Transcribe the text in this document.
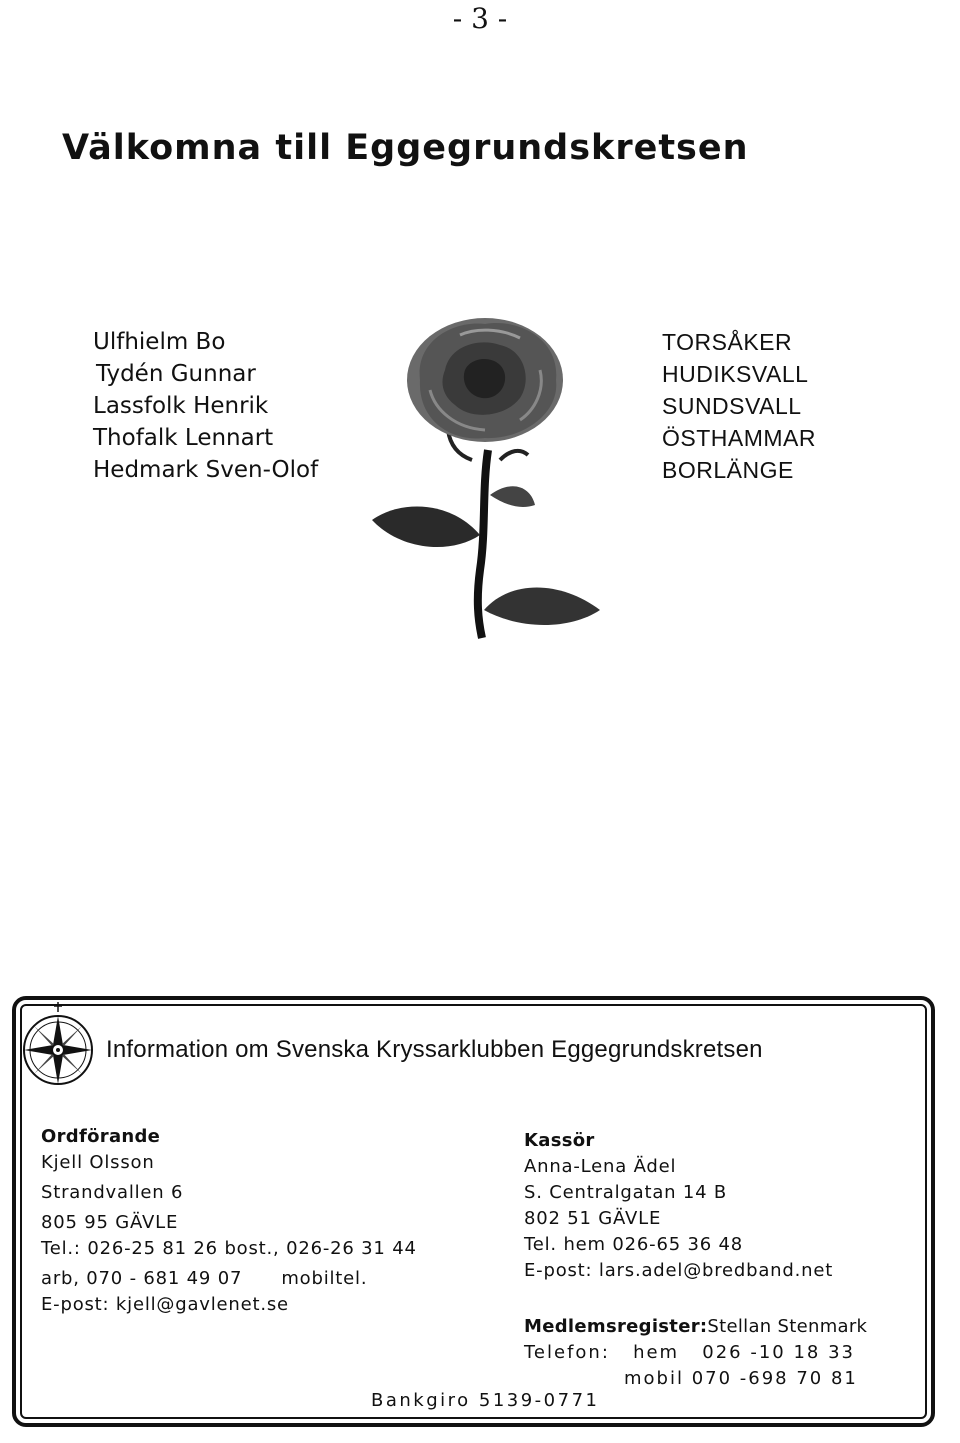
- 3 -
Välkomna till Eggegrundskretsen
Ulfhielm Bo
Tydén Gunnar
Lassfolk Henrik
Thofalk Lennart
Hedmark Sven-Olof
TORSÅKER
HUDIKSVALL
SUNDSVALL
ÖSTHAMMAR
BORLÄNGE
Information om Svenska Kryssarklubben Eggegrundskretsen
Ordförande
Kjell Olsson
Strandvallen 6
805 95 GÄVLE
Tel.: 026-25 81 26 bost., 026-26 31 44
arb, 070 - 681 49 07      mobiltel.
E-post: kjell@gavlenet.se
Kassör
Anna-Lena Ädel
S. Centralgatan 14 B
802 51 GÄVLE
Tel. hem 026-65 36 48
E-post: lars.adel@bredband.net
Medlemsregister:Stellan Stenmark
Telefon:   hem   026 -10 18 33
mobil 070 -698 70 81
Bankgiro 5139-0771
